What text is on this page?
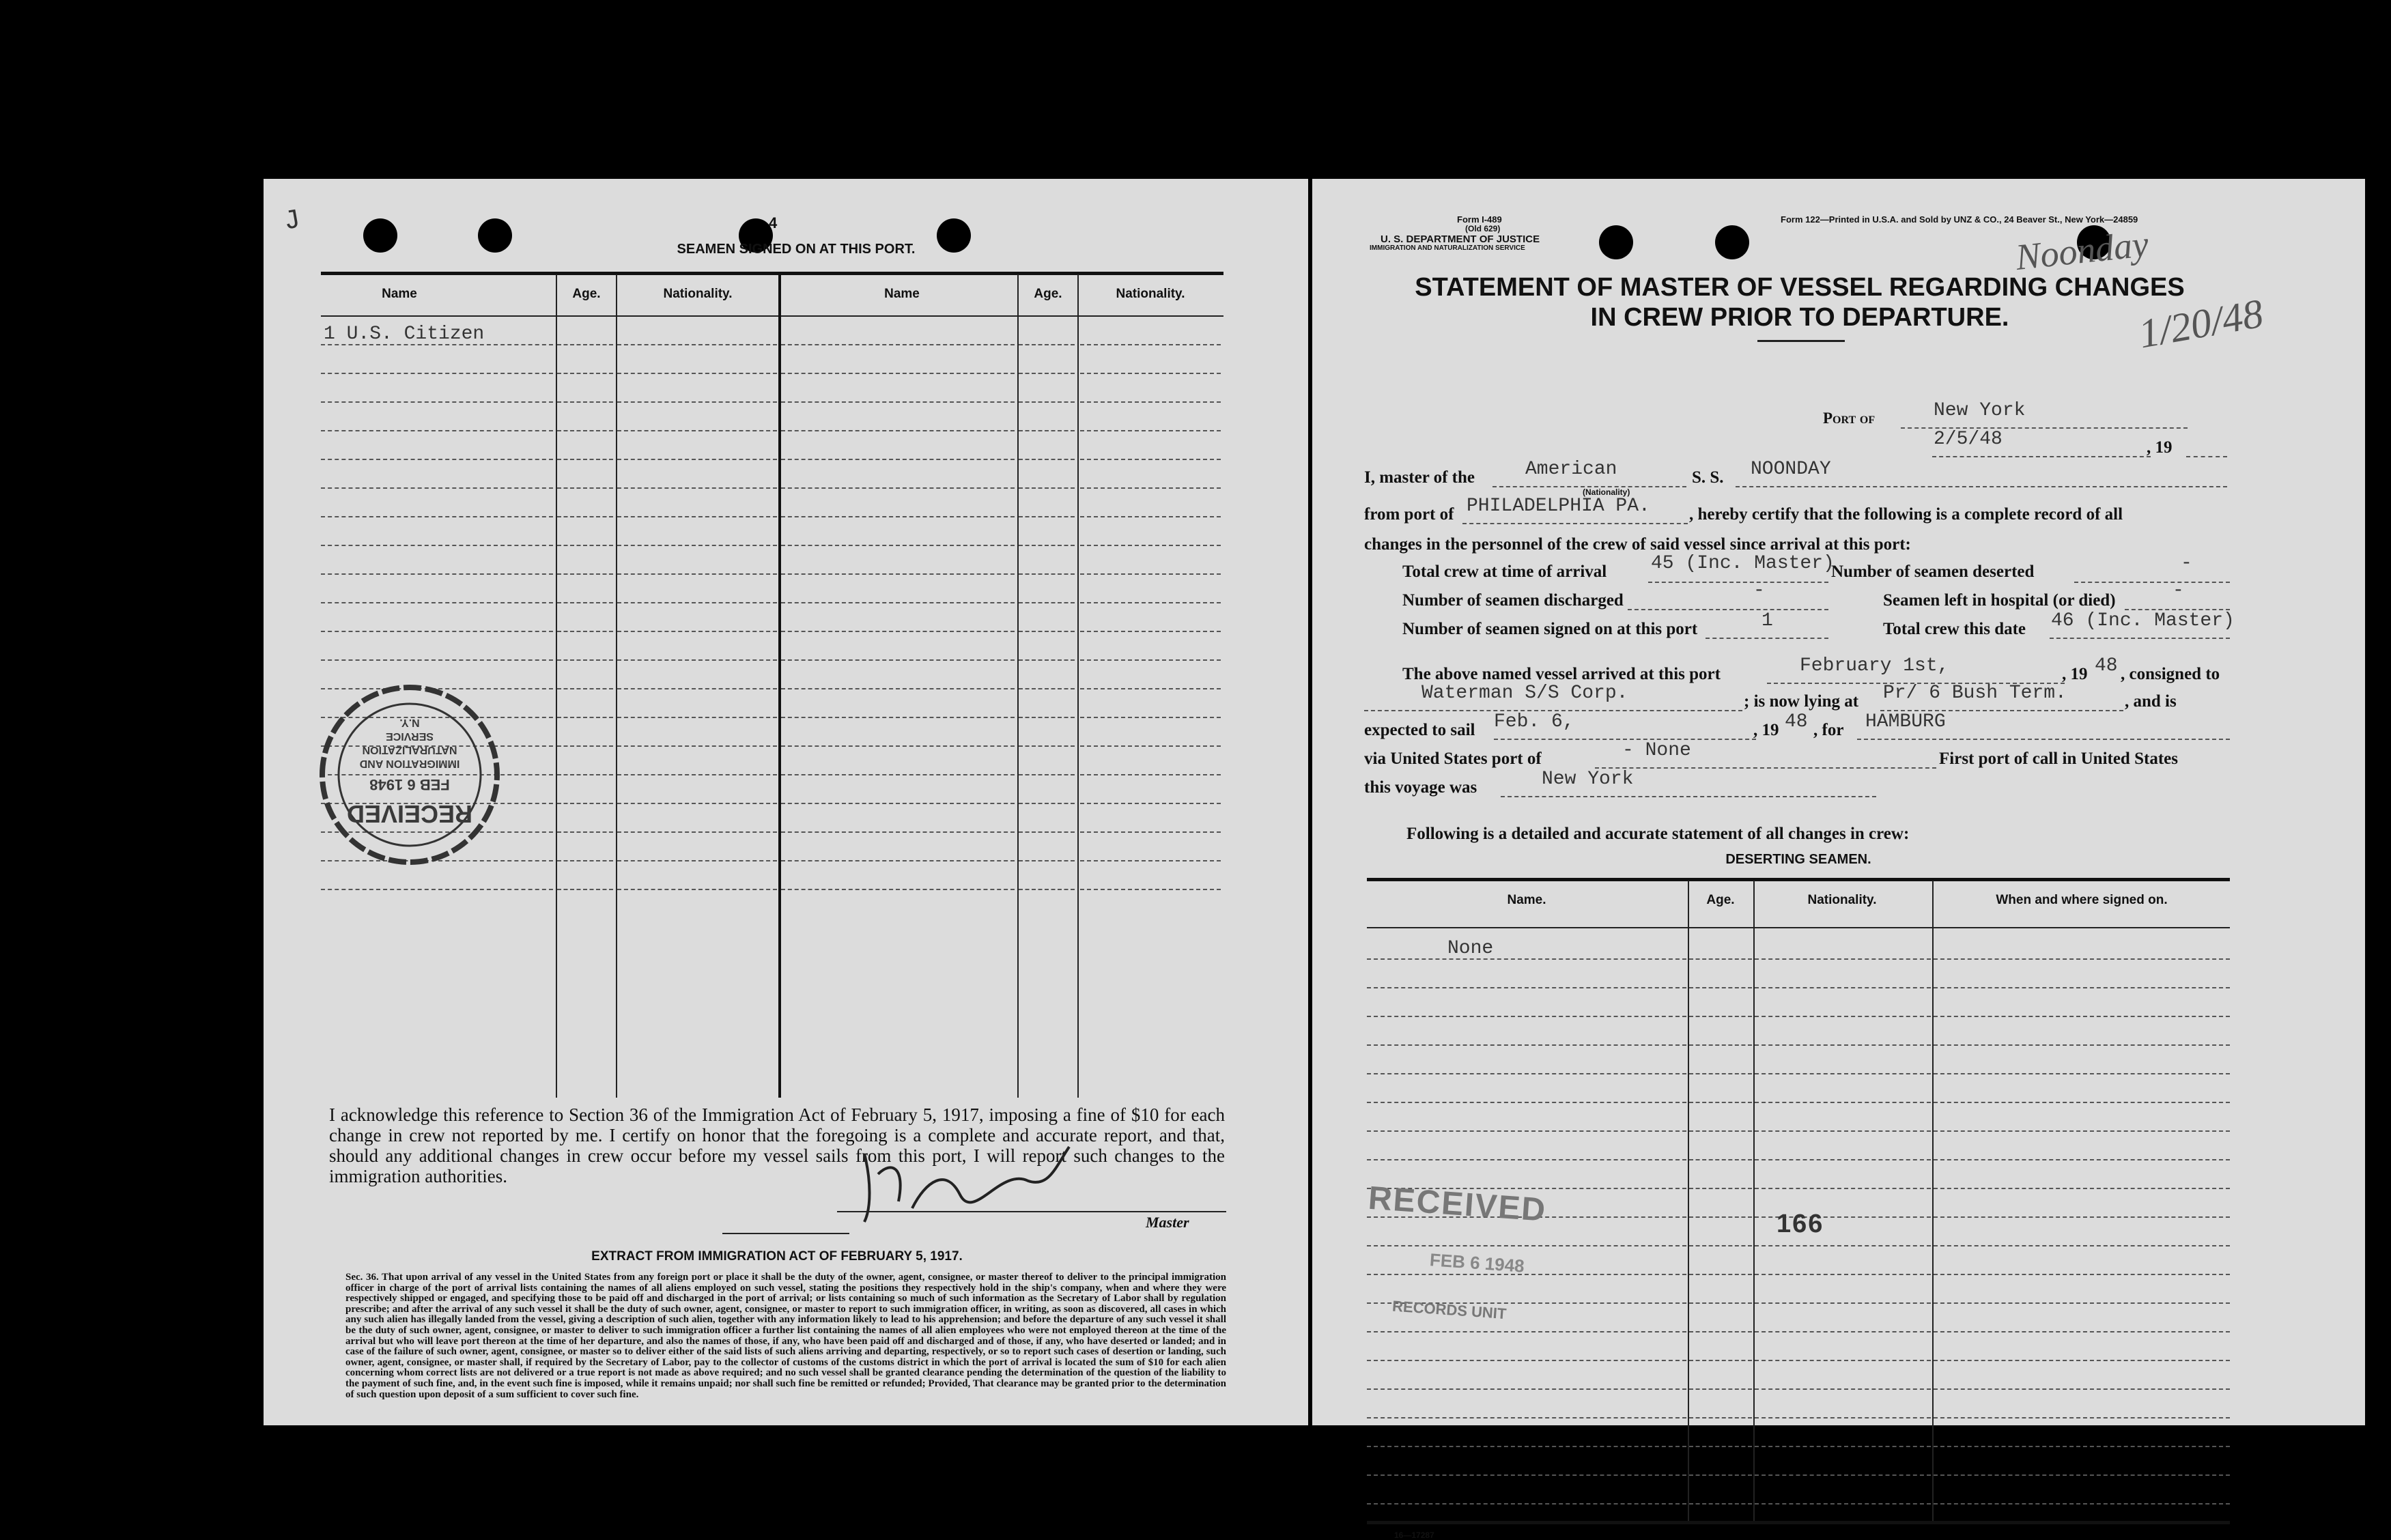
J	4
SEAMEN SIGNED ON AT THIS PORT.
Name	Age.	Nationality.	Name	Age.	Nationality.
1 U.S. Citizen
RECEIVED
FEB 6 1948
IMMIGRATION AND
NATURALIZATION
SERVICE
N.Y.
I acknowledge this reference to Section 36 of the Immigration Act of February 5, 1917, imposing a fine of $10 for each change in crew not reported by me. I certify on honor that the foregoing is a complete and accurate report, and that, should any additional changes in crew occur before my vessel sails from this port, I will report such changes to the immigration authorities.
Master
EXTRACT FROM IMMIGRATION ACT OF FEBRUARY 5, 1917.
Sec. 36. That upon arrival of any vessel in the United States from any foreign port or place it shall be the duty of the owner, agent, consignee, or master thereof to deliver to the principal immigration officer in charge of the port of arrival lists containing the names of all aliens employed on such vessel, stating the positions they respectively hold in the ship's company, when and where they were respectively shipped or engaged, and specifying those to be paid off and discharged in the port of arrival; or lists containing so much of such information as the Secretary of Labor shall by regulation prescribe; and after the arrival of any such vessel it shall be the duty of such owner, agent, consignee, or master to report to such immigration officer, in writing, as soon as discovered, all cases in which any such alien has illegally landed from the vessel, giving a description of such alien, together with any information likely to lead to his apprehension; and before the departure of any such vessel it shall be the duty of such owner, agent, consignee, or master to deliver to such immigration officer a further list containing the names of all alien employees who were not employed thereon at the time of the arrival but who will leave port thereon at the time of her departure, and also the names of those, if any, who have been paid off and discharged and of those, if any, who have deserted or landed; and in case of the failure of such owner, agent, consignee, or master so to deliver either of the said lists of such aliens arriving and departing, respectively, or so to report such cases of desertion or landing, such owner, agent, consignee, or master shall, if required by the Secretary of Labor, pay to the collector of customs of the customs district in which the port of arrival is located the sum of $10 for each alien concerning whom correct lists are not delivered or a true report is not made as above required; and no such vessel shall be granted clearance pending the determination of the question of the liability to the payment of such fine, and, in the event such fine is imposed, while it remains unpaid; nor shall such fine be remitted or refunded; Provided, That clearance may be granted prior to the determination of such question upon deposit of a sum sufficient to cover such fine.
Form I-489
(Old 629)
U. S. DEPARTMENT OF JUSTICE
IMMIGRATION AND NATURALIZATION SERVICE
Form 122—Printed in U.S.A. and Sold by UNZ & CO., 24 Beaver St., New York—24859
Noonday
1/20/48
STATEMENT OF MASTER OF VESSEL REGARDING CHANGES
IN CREW PRIOR TO DEPARTURE.
Port of	New York
2/5/48	, 19
I, master of the	American
(Nationality)
S. S. NOONDAY
from port of PHILADELPHIA PA. , hereby certify that the following is a complete record of all
changes in the personnel of the crew of said vessel since arrival at this port:
Total crew at time of arrival 45 (Inc. Master)
Number of seamen deserted	-
Number of seamen discharged	-	Seamen left in hospital (or died)	-
Number of seamen signed on at this port	1	Total crew this date 46 (Inc. Master)
The above named vessel arrived at this port	February 1st,	, 19 48 , consigned to
Waterman S/S Corp.	; is now lying at Pr/ 6 Bush Term.	, and is
expected to sail Feb. 6,	, 19 48 , for HAMBURG
via United States port of	- None	First port of call in United States
this voyage was	New York
Following is a detailed and accurate statement of all changes in crew:
DESERTING SEAMEN.
Name.	Age.	Nationality.	When and where signed on.
None
166
RECEIVED
FEB 6 1948
RECORDS UNIT
16—17287
